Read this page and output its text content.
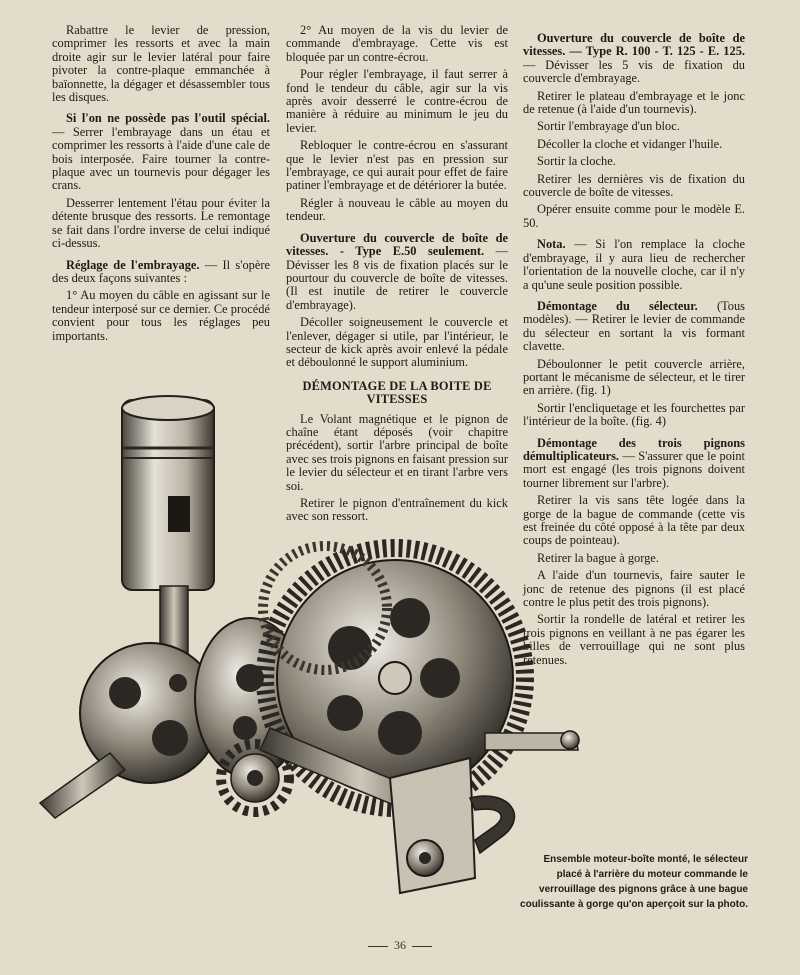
Rabattre le levier de pression, comprimer les ressorts et avec la main droite agir sur le levier latéral pour faire pivoter la contre-plaque emmanchée à baïonnette, la dégager et désassembler tous les disques.

Si l'on ne possède pas l'outil spécial. — Serrer l'embrayage dans un étau et comprimer les ressorts à l'aide d'une cale de bois interposée. Faire tourner la contre-plaque avec un tournevis pour dégager les crans.

Desserrer lentement l'étau pour éviter la détente brusque des ressorts. Le remontage se fait dans l'ordre inverse de celui indiqué ci-dessus.

Réglage de l'embrayage. — Il s'opère des deux façons suivantes :

1° Au moyen du câble en agissant sur le tendeur interposé sur ce dernier. Ce procédé convient pour tous les réglages peu importants.

2° Au moyen de la vis du levier de commande d'embrayage. Cette vis est bloquée par un contre-écrou.

Pour régler l'embrayage, il faut serrer à fond le tendeur du câble, agir sur la vis après avoir desserré le contre-écrou de manière à réduire au minimum le jeu du levier.

Rebloquer le contre-écrou en s'assurant que le levier n'est pas en pression sur l'embrayage, ce qui aurait pour effet de faire patiner l'embrayage et de détériorer la butée.

Régler à nouveau le câble au moyen du tendeur.

Ouverture du couvercle de boîte de vitesses. - Type E.50 seulement. — Dévisser les 8 vis de fixation placés sur le pourtour du couvercle de boîte de vitesses. (Il est inutile de retirer le couvercle d'embrayage).

Décoller soigneusement le couvercle et l'enlever, dégager si utile, par l'intérieur, le secteur de kick après avoir enlevé la pédale et déboulonné le support aluminium.

DÉMONTAGE DE LA BOITE DE VITESSES

Le Volant magnétique et le pignon de chaîne étant déposés (voir chapitre précédent), sortir l'arbre principal de boîte avec ses trois pignons en faisant pression sur le levier du sélecteur et en tirant l'arbre vers soi.

Retirer le pignon d'entraînement du kick avec son ressort.

Ouverture du couvercle de boîte de vitesses. — Type R. 100 - T. 125 - E. 125. — Dévisser les 5 vis de fixation du couvercle d'embrayage.

Retirer le plateau d'embrayage et le jonc de retenue (à l'aide d'un tournevis).

Sortir l'embrayage d'un bloc.

Décoller la cloche et vidanger l'huile.

Sortir la cloche.

Retirer les dernières vis de fixation du couvercle de boîte de vitesses.

Opérer ensuite comme pour le modèle E. 50.

Nota. — Si l'on remplace la cloche d'embrayage, il y aura lieu de rechercher l'orientation de la nouvelle cloche, car il n'y a qu'une seule position possible.

Démontage du sélecteur. (Tous modèles). — Retirer le levier de commande du sélecteur en sortant la vis formant clavette.

Déboulonner le petit couvercle arrière, portant le mécanisme de sélecteur, et le tirer en arrière. (fig. 1)

Sortir l'encliquetage et les fourchettes par l'intérieur de la boîte. (fig. 4)

Démontage des trois pignons démultiplicateurs. — S'assurer que le point mort est engagé (les trois pignons doivent tourner librement sur l'arbre).

Retirer la vis sans tête logée dans la gorge de la bague de commande (cette vis est freinée du côté opposé à la tête par deux coups de pointeau).

Retirer la bague à gorge.

A l'aide d'un tournevis, faire sauter le jonc de retenue des pignons (il est placé contre le plus petit des trois pignons).

Sortir la rondelle de latéral et retirer les trois pignons en veillant à ne pas égarer les billes de verrouillage qui ne sont plus retenues.

Ensemble moteur-boîte monté, le sélecteur placé à l'arrière du moteur commande le verrouillage des pignons grâce à une bague coulissante à gorge qu'on aperçoit sur la photo.
36
